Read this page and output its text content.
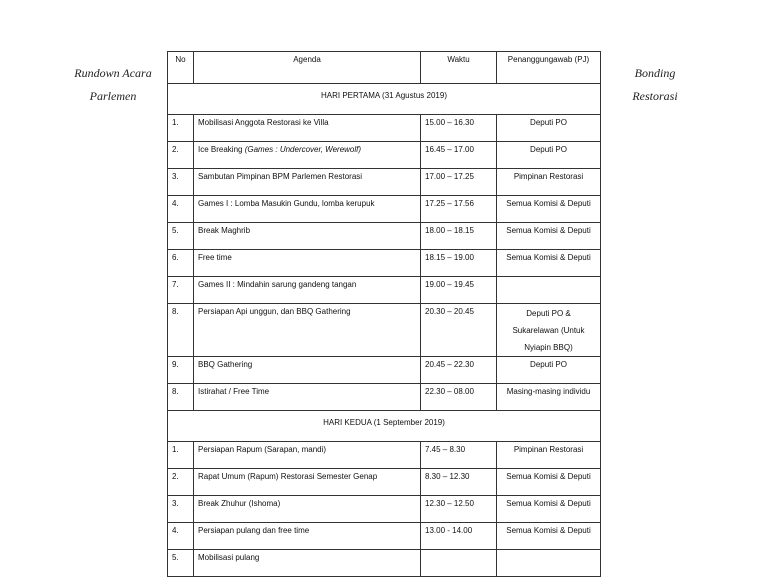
Rundown Acara
Parlemen
Bonding
Restorasi
No	Agenda	Waktu	Penanggungawab (PJ)
HARI PERTAMA (31 Agustus 2019)			
1.	Mobilisasi Anggota Restorasi ke Villa	15.00 – 16.30	Deputi PO
2.	Ice Breaking (Games : Undercover, Werewolf)	16.45 – 17.00	Deputi PO
3.	Sambutan Pimpinan BPM Parlemen Restorasi	17.00 – 17.25	Pimpinan Restorasi
4.	Games I : Lomba Masukin Gundu, lomba kerupuk	17.25 – 17.56	Semua Komisi & Deputi
5.	Break Maghrib	18.00 – 18.15	Semua Komisi & Deputi
6.	Free time	18.15 – 19.00	Semua Komisi & Deputi
7.	Games II : Mindahin sarung gandeng tangan	19.00 – 19.45	
8.	Persiapan Api unggun, dan BBQ Gathering	20.30 – 20.45	Deputi PO &
Sukarelawan (Untuk
Nyiapin BBQ)

9.	BBQ Gathering	20.45 – 22.30	Deputi PO
8.	Istirahat / Free Time	22.30 – 08.00	Masing-masing individu
HARI KEDUA (1 September 2019)			
1.	Persiapan Rapum (Sarapan, mandi)	7.45 – 8.30	Pimpinan Restorasi
2.	Rapat Umum (Rapum) Restorasi Semester Genap	8.30 – 12.30	Semua Komisi & Deputi
3.	Break Zhuhur (Ishoma)	12.30 – 12.50	Semua Komisi & Deputi
4.	Persiapan pulang dan free time	13.00 - 14.00	Semua Komisi & Deputi
5.	Mobilisasi pulang		
